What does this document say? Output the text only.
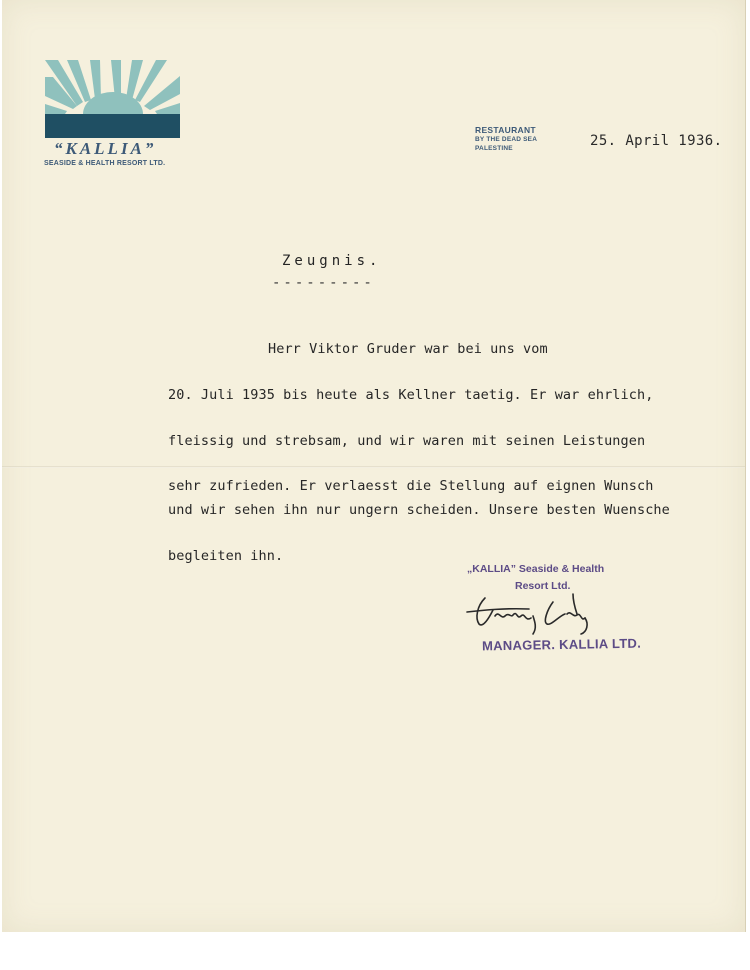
“KALLIA”
SEASIDE & HEALTH RESORT LTD.
RESTAURANT
BY THE DEAD SEA
PALESTINE	25. April 1936.
Zeugnis.
---------
Herr Viktor Gruder war bei uns vom
20. Juli 1935 bis heute als Kellner taetig. Er war ehrlich,
fleissig und strebsam, und wir waren mit seinen Leistungen
sehr zufrieden. Er verlaesst die Stellung auf eignen Wunsch
und wir sehen ihn nur ungern scheiden. Unsere besten Wuensche
begleiten ihn.
„KALLIA” Seaside & Health
Resort Ltd.
MANAGER. KALLIA LTD.
